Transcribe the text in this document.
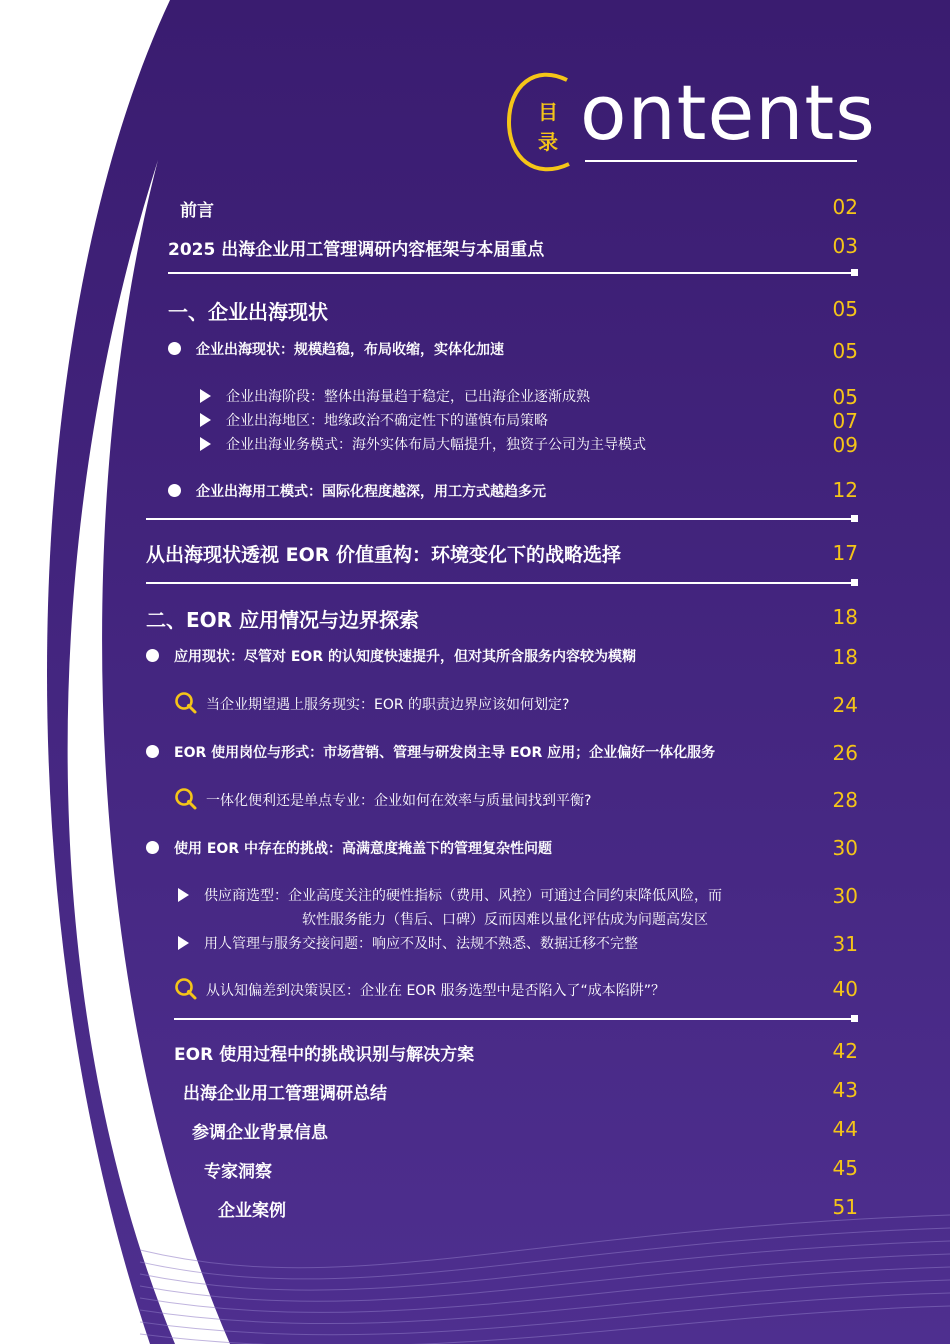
目
录 ontents
前言	02
2025 出海企业用工管理调研内容框架与本届重点	03
一、企业出海现状	05
企业出海现状：规模趋稳，布局收缩，实体化加速	05
企业出海阶段：整体出海量趋于稳定，已出海企业逐渐成熟	05
企业出海地区：地缘政治不确定性下的谨慎布局策略	07
企业出海业务模式：海外实体布局大幅提升，独资子公司为主导模式	09
企业出海用工模式：国际化程度越深，用工方式越趋多元	12
从出海现状透视 EOR 价值重构：环境变化下的战略选择	17
二、EOR 应用情况与边界探索	18
应用现状：尽管对 EOR 的认知度快速提升，但对其所含服务内容较为模糊	18
当企业期望遇上服务现实：EOR 的职责边界应该如何划定?	24
EOR 使用岗位与形式：市场营销、管理与研发岗主导 EOR 应用；企业偏好一体化服务	26
一体化便利还是单点专业：企业如何在效率与质量间找到平衡?	28
使用 EOR 中存在的挑战：高满意度掩盖下的管理复杂性问题	30
供应商选型：企业高度关注的硬性指标（费用、风控）可通过合同约束降低风险，而	30
软性服务能力（售后、口碑）反而因难以量化评估成为问题高发区
用人管理与服务交接问题：响应不及时、法规不熟悉、数据迁移不完整	31
从认知偏差到决策误区：企业在 EOR 服务选型中是否陷入了“成本陷阱”？	40
EOR 使用过程中的挑战识别与解决方案	42
出海企业用工管理调研总结	43
参调企业背景信息	44
专家洞察	45
企业案例	51
